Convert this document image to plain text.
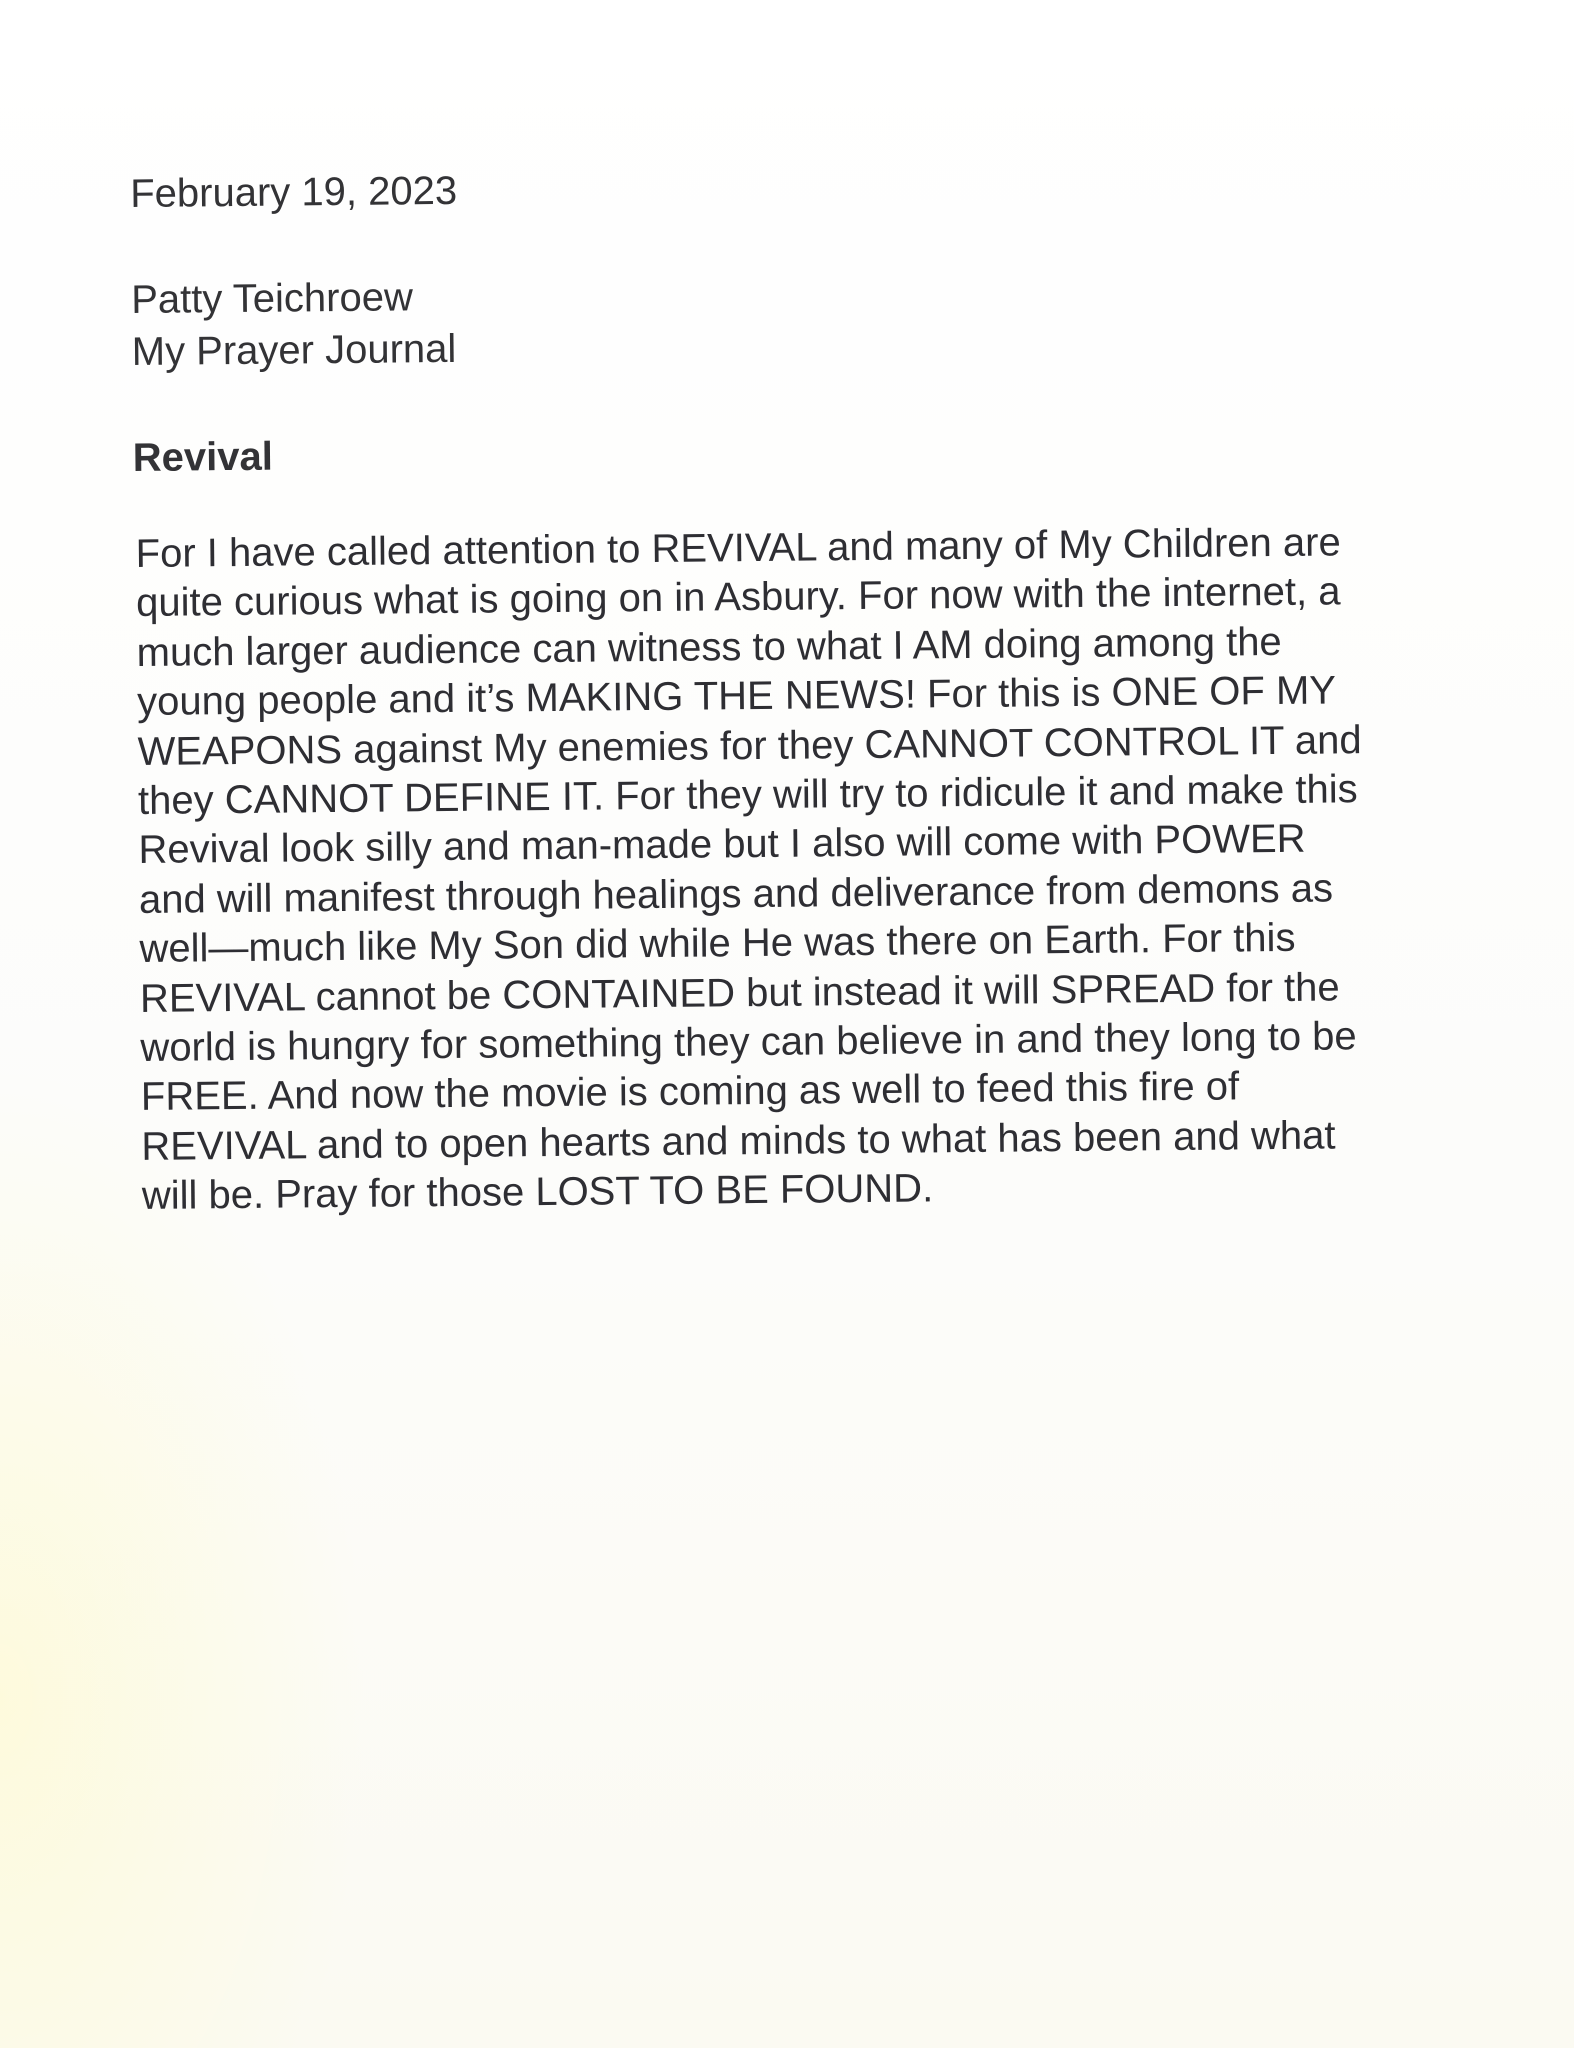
February 19, 2023

Patty Teichroew

My Prayer Journal

Revival

For I have called attention to REVIVAL and many of My Children are
quite curious what is going on in Asbury. For now with the internet, a
much larger audience can witness to what I AM doing among the
young people and it’s MAKING THE NEWS! For this is ONE OF MY
WEAPONS against My enemies for they CANNOT CONTROL IT and
they CANNOT DEFINE IT. For they will try to ridicule it and make this
Revival look silly and man-made but I also will come with POWER
and will manifest through healings and deliverance from demons as
well—much like My Son did while He was there on Earth. For this
REVIVAL cannot be CONTAINED but instead it will SPREAD for the
world is hungry for something they can believe in and they long to be
FREE. And now the movie is coming as well to feed this fire of
REVIVAL and to open hearts and minds to what has been and what
will be. Pray for those LOST TO BE FOUND.
